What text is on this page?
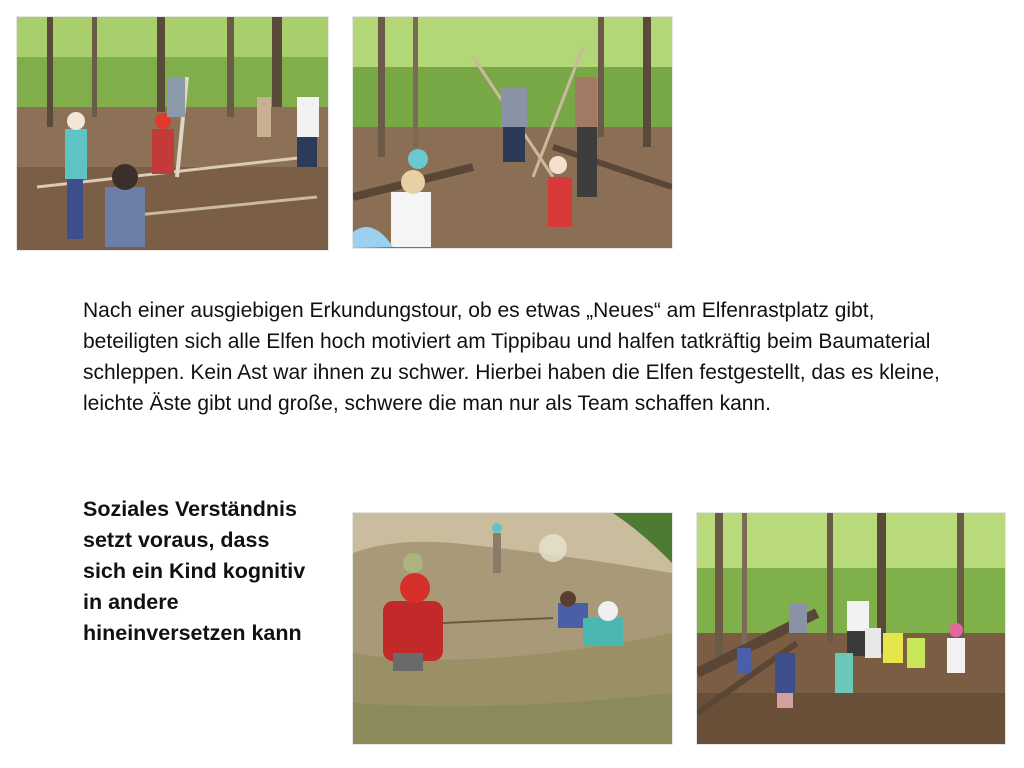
Nach einer ausgiebigen Erkundungstour, ob es etwas „Neues“ am Elfenrastplatz gibt, beteiligten sich alle Elfen hoch motiviert am Tippibau und halfen tatkräftig beim Baumaterial schleppen. Kein Ast war ihnen zu schwer. Hierbei haben die Elfen festgestellt, das es kleine, leichte Äste gibt und große, schwere die man nur als Team schaffen kann.

Soziales Verständnis setzt voraus, dass sich ein Kind kognitiv in andere hineinversetzen kann
